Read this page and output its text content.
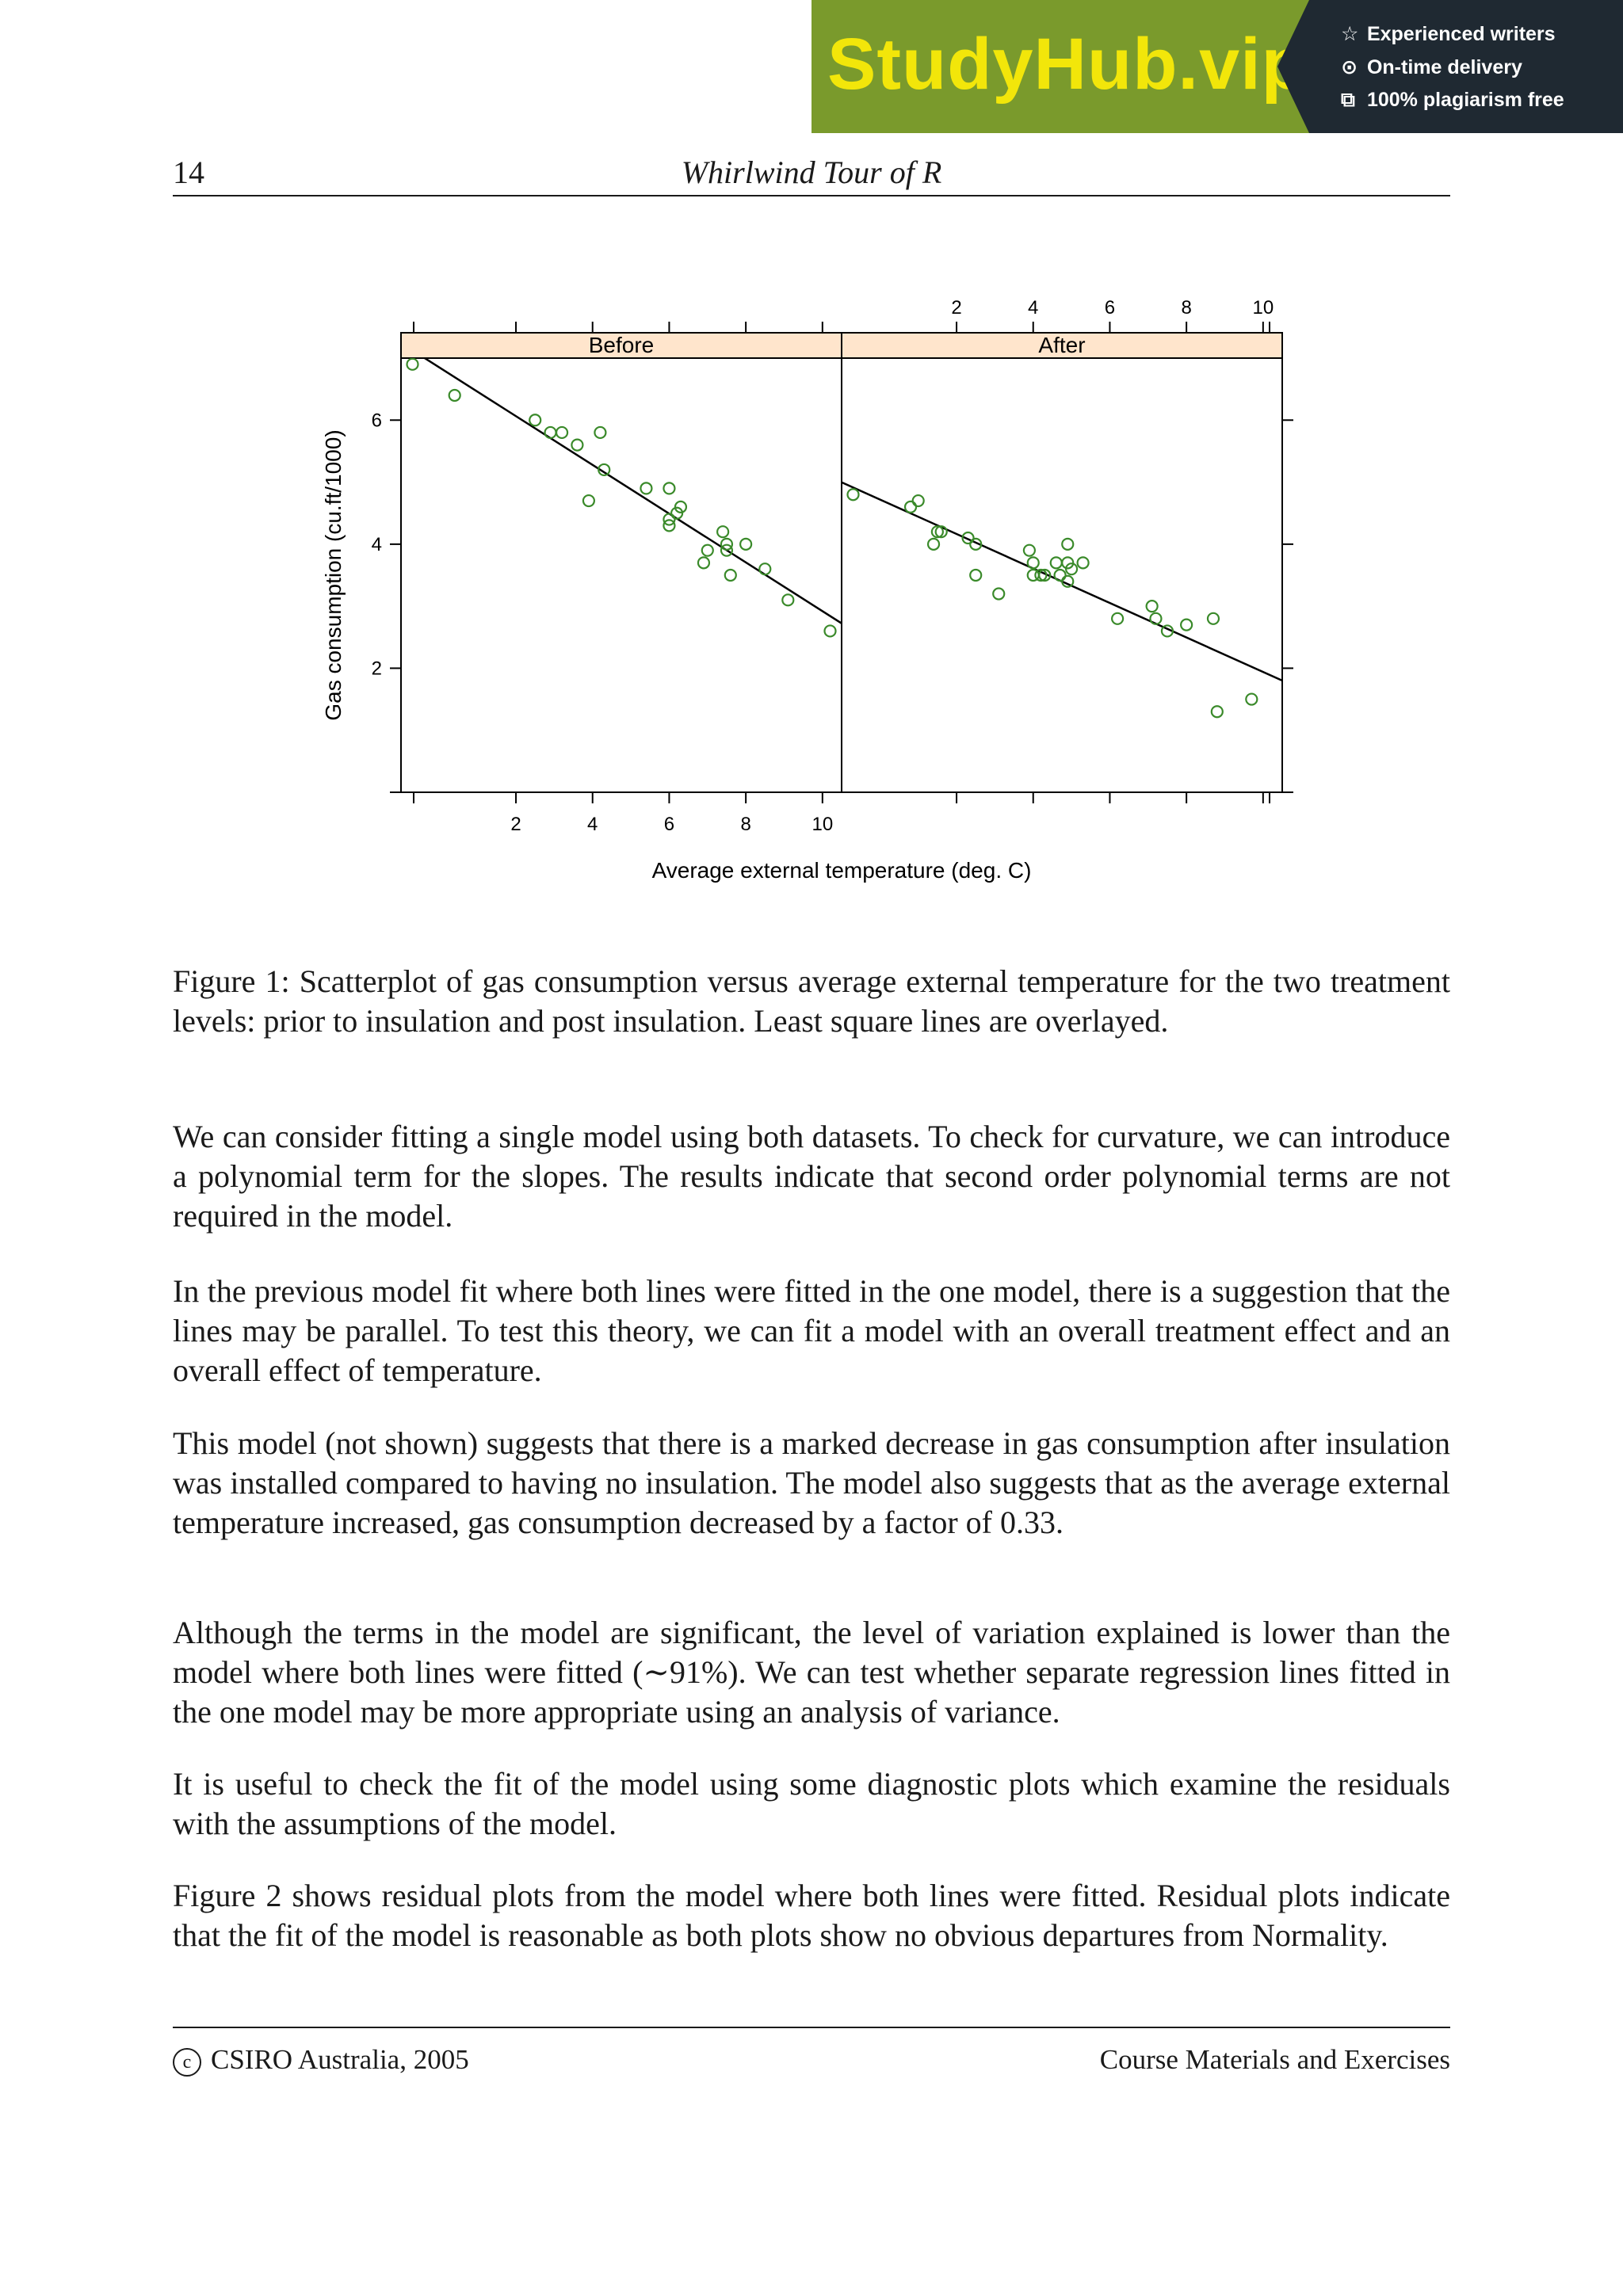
StudyHub.vip ☆ Experienced writers
⊙ On-time delivery
⧉ 100% plagiarism free
14	Whirlwind Tour of R
Before	After
2
2
4
4
6
6
8
8
10
10
2
4
6
Gas consumption (cu.ft/1000)
Average external temperature (deg. C)
Figure 1: Scatterplot of gas consumption versus average external temperature for the two treatment levels: prior to insulation and post insulation. Least square lines are overlayed.

We can consider fitting a single model using both datasets. To check for curvature, we can introduce a polynomial term for the slopes. The results indicate that second order polynomial terms are not required in the model.

In the previous model fit where both lines were fitted in the one model, there is a suggestion that the lines may be parallel. To test this theory, we can fit a model with an overall treatment effect and an overall effect of temperature.

This model (not shown) suggests that there is a marked decrease in gas consumption after insulation was installed compared to having no insulation. The model also suggests that as the average external temperature increased, gas consumption decreased by a factor of 0.33.

Although the terms in the model are significant, the level of variation explained is lower than the model where both lines were fitted (∼91%). We can test whether separate regression lines fitted in the one model may be more appropriate using an analysis of variance.

It is useful to check the fit of the model using some diagnostic plots which examine the residuals with the assumptions of the model.

Figure 2 shows residual plots from the model where both lines were fitted. Residual plots indicate that the fit of the model is reasonable as both plots show no obvious departures from Normality.

c CSIRO Australia, 2005	Course Materials and Exercises
